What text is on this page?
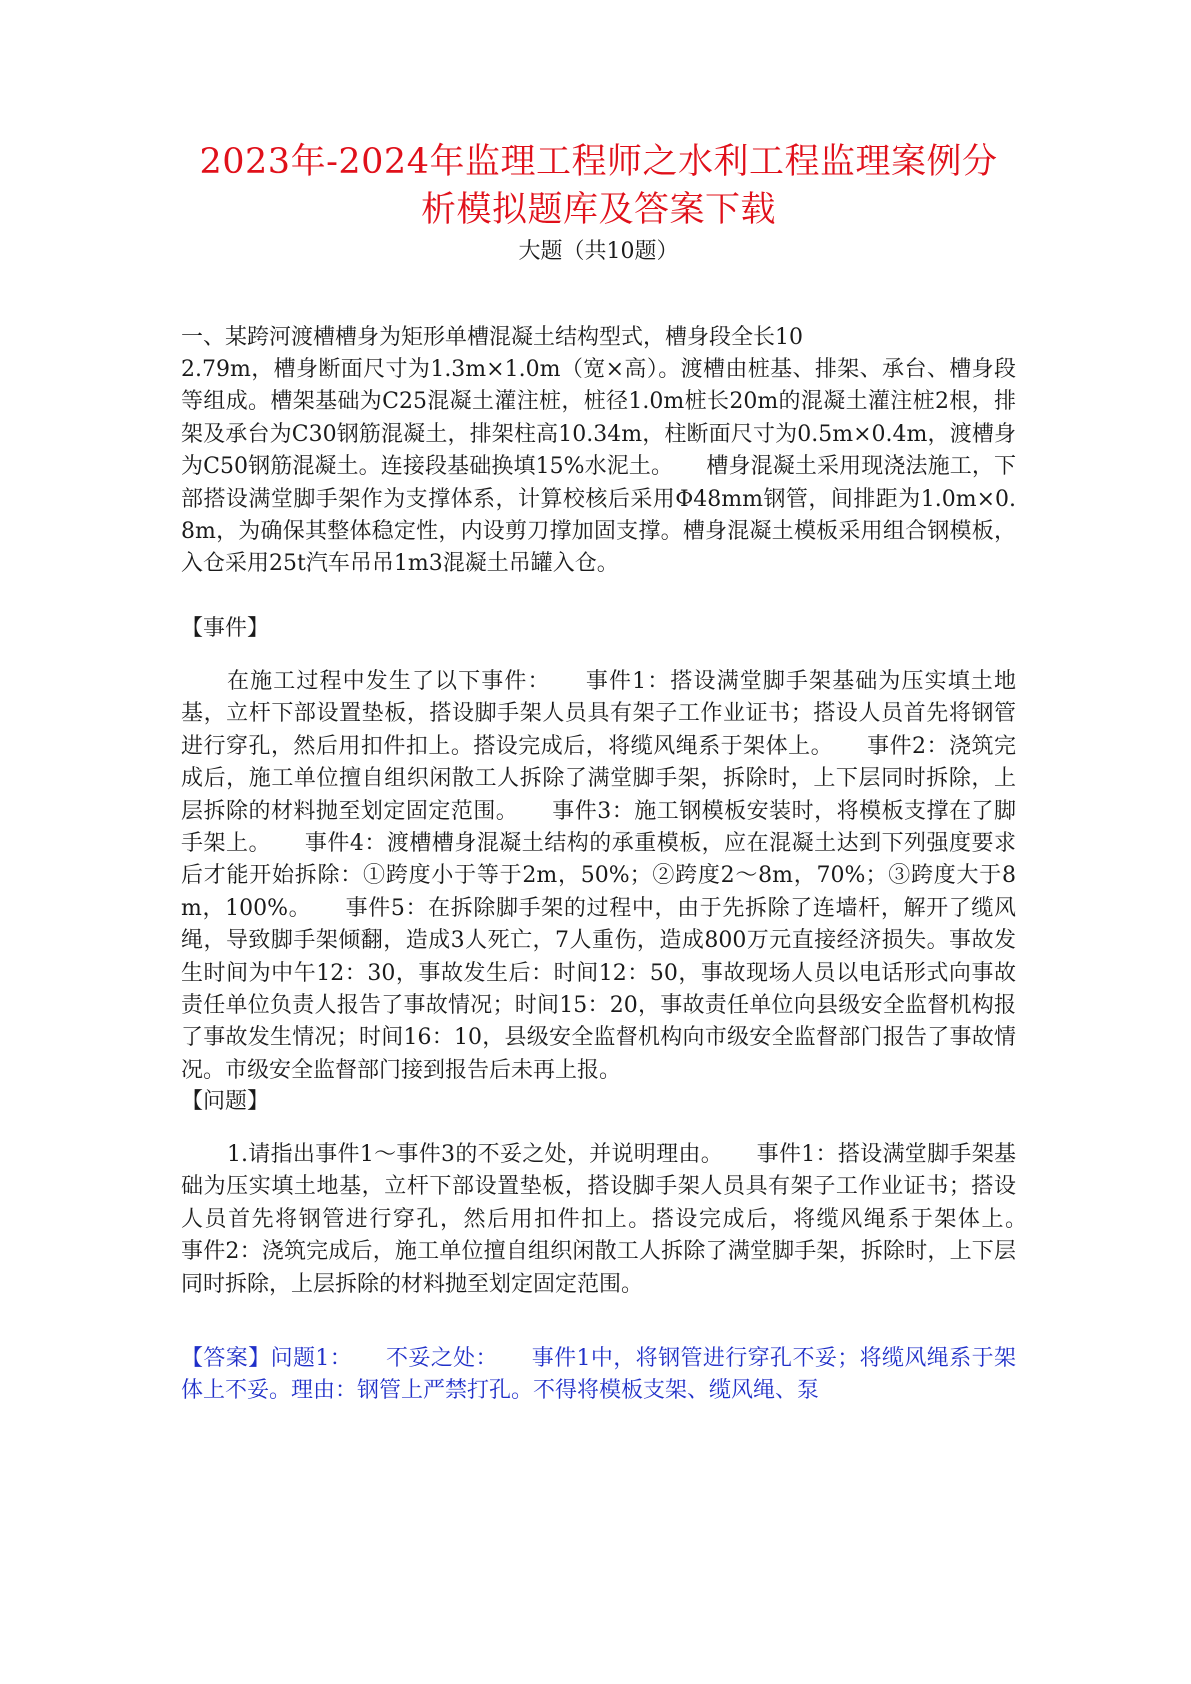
2023年-2024年监理工程师之水利工程监理案例分
析模拟题库及答案下载
大题（共10题）
一、某跨河渡槽槽身为矩形单槽混凝土结构型式，槽身段全长10
2.79m，槽身断面尺寸为1.3m×1.0m（宽×高）。渡槽由桩基、排架、承台、槽身段等组成。槽架基础为C25混凝土灌注桩，桩径1.0m桩长20m的混凝土灌注桩2根，排架及承台为C30钢筋混凝土，排架柱高10.34m，柱断面尺寸为0.5m×0.4m，渡槽身为C50钢筋混凝土。连接段基础换填15%水泥土。　　槽身混凝土采用现浇法施工，下部搭设满堂脚手架作为支撑体系，计算校核后采用Φ48mm钢管，间排距为1.0m×0.8m，为确保其整体稳定性，内设剪刀撑加固支撑。槽身混凝土模板采用组合钢模板，入仓采用25t汽车吊吊1m3混凝土吊罐入仓。
【事件】
在施工过程中发生了以下事件：　　事件1：搭设满堂脚手架基础为压实填土地基，立杆下部设置垫板，搭设脚手架人员具有架子工作业证书；搭设人员首先将钢管进行穿孔，然后用扣件扣上。搭设完成后，将缆风绳系于架体上。　　事件2：浇筑完成后，施工单位擅自组织闲散工人拆除了满堂脚手架，拆除时，上下层同时拆除，上层拆除的材料抛至划定固定范围。　　事件3：施工钢模板安装时，将模板支撑在了脚手架上。　　事件4：渡槽槽身混凝土结构的承重模板，应在混凝土达到下列强度要求后才能开始拆除：①跨度小于等于2m，50%；②跨度2～8m，70%；③跨度大于8m，100%。　　事件5：在拆除脚手架的过程中，由于先拆除了连墙杆，解开了缆风绳，导致脚手架倾翻，造成3人死亡，7人重伤，造成800万元直接经济损失。事故发生时间为中午12：30，事故发生后：时间12：50，事故现场人员以电话形式向事故责任单位负责人报告了事故情况；时间15：20，事故责任单位向县级安全监督机构报了事故发生情况；时间16：10，县级安全监督机构向市级安全监督部门报告了事故情况。市级安全监督部门接到报告后未再上报。
【问题】
1.请指出事件1～事件3的不妥之处，并说明理由。　　事件1：搭设满堂脚手架基础为压实填土地基，立杆下部设置垫板，搭设脚手架人员具有架子工作业证书；搭设人员首先将钢管进行穿孔，然后用扣件扣上。搭设完成后，将缆风绳系于架体上。　　事件2：浇筑完成后，施工单位擅自组织闲散工人拆除了满堂脚手架，拆除时，上下层同时拆除，上层拆除的材料抛至划定固定范围。
【答案】问题1：　　不妥之处：　　事件1中，将钢管进行穿孔不妥；将缆风绳系于架体上不妥。理由：钢管上严禁打孔。不得将模板支架、缆风绳、泵
